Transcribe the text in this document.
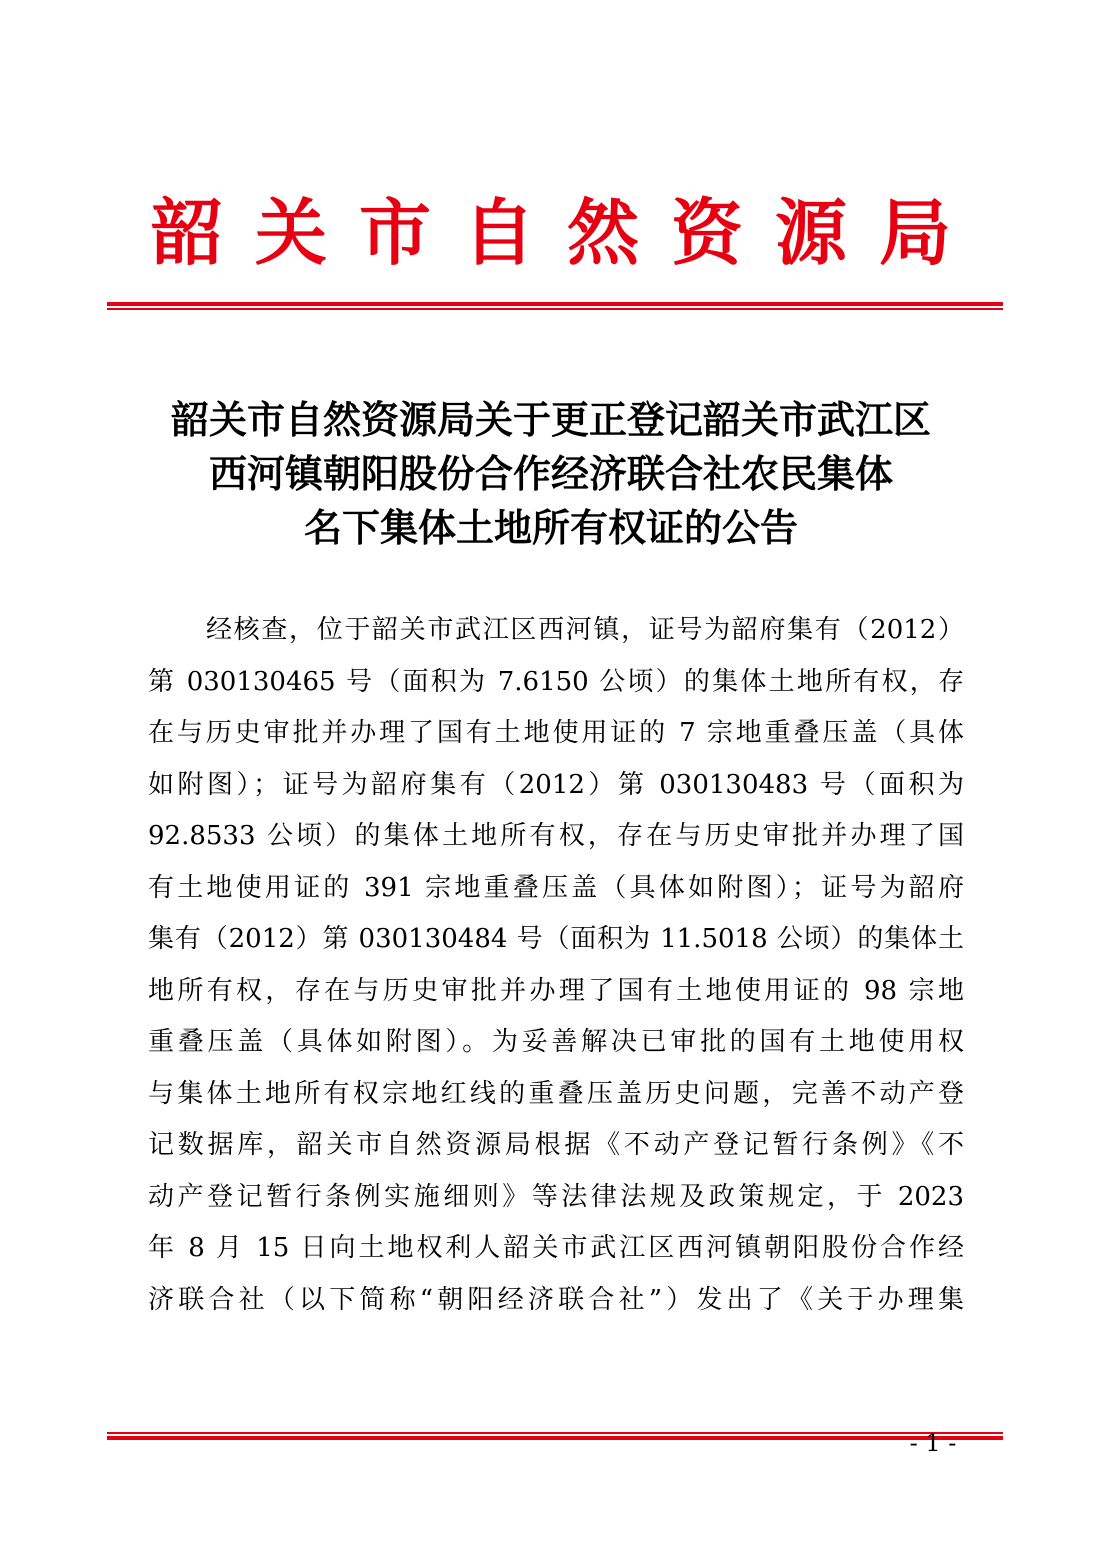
韶关市自然资源局
韶关市自然资源局关于更正登记韶关市武江区
西河镇朝阳股份合作经济联合社农民集体
名下集体土地所有权证的公告
经核查，位于韶关市武江区西河镇，证号为韶府集有（2012）
第 030130465 号（面积为 7.6150 公顷）的集体土地所有权，存
在与历史审批并办理了国有土地使用证的 7 宗地重叠压盖（具体
如附图）；证号为韶府集有（2012）第 030130483 号（面积为
92.8533 公顷）的集体土地所有权，存在与历史审批并办理了国
有土地使用证的 391 宗地重叠压盖（具体如附图）；证号为韶府
集有（2012）第 030130484 号（面积为 11.5018 公顷）的集体土
地所有权，存在与历史审批并办理了国有土地使用证的 98 宗地
重叠压盖（具体如附图）。为妥善解决已审批的国有土地使用权
与集体土地所有权宗地红线的重叠压盖历史问题，完善不动产登
记数据库，韶关市自然资源局根据《不动产登记暂行条例》《不
动产登记暂行条例实施细则》等法律法规及政策规定，于 2023
年 8 月 15 日向土地权利人韶关市武江区西河镇朝阳股份合作经
济联合社（以下简称“朝阳经济联合社”）发出了《关于办理集
- 1 -
